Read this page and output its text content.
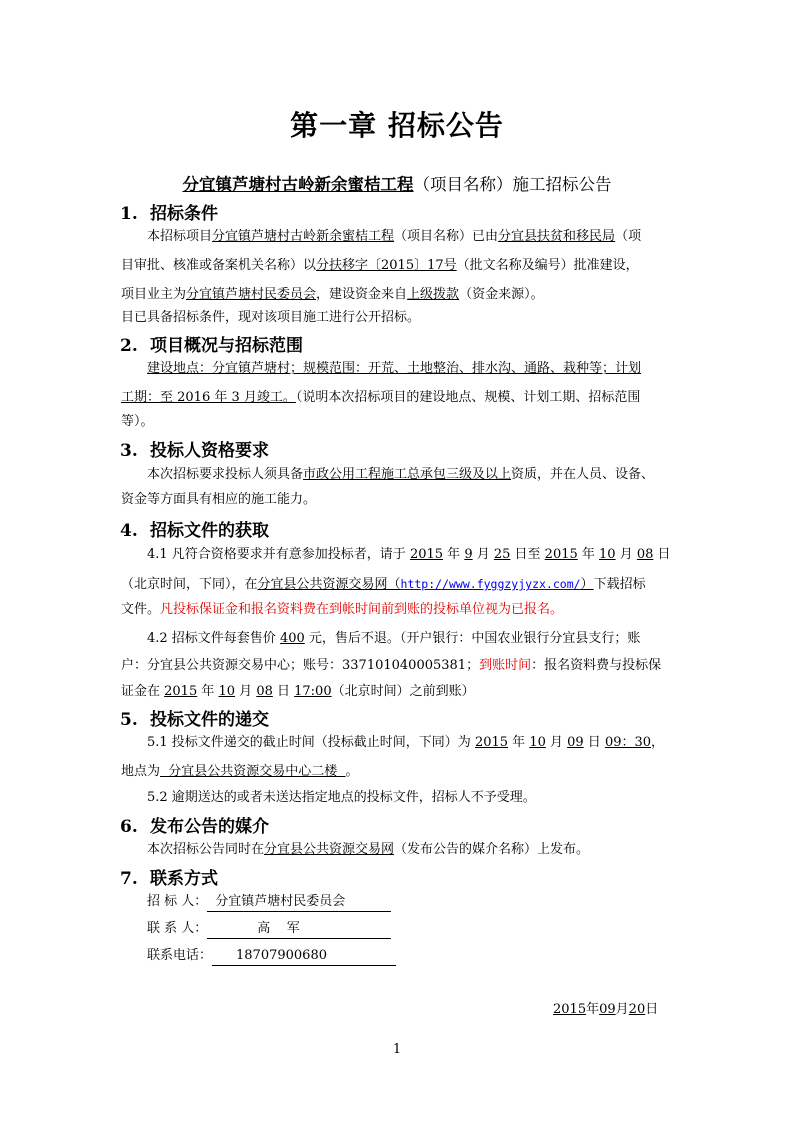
第一章 招标公告
分宜镇芦塘村古岭新余蜜桔工程（项目名称）施工招标公告
1. 招标条件
本招标项目分宜镇芦塘村古岭新余蜜桔工程（项目名称）已由分宜县扶贫和移民局（项
目审批、核准或备案机关名称）以分扶移字〔2015〕17号（批文名称及编号）批准建设，
项目业主为分宜镇芦塘村民委员会，建设资金来自上级拨款（资金来源）。
目已具备招标条件，现对该项目施工进行公开招标。
2. 项目概况与招标范围
建设地点：分宜镇芦塘村；规模范围：开荒、土地整治、排水沟、通路、栽种等；计划
工期：至 2016 年 3 月竣工。（说明本次招标项目的建设地点、规模、计划工期、招标范围
等）。
3. 投标人资格要求
本次招标要求投标人须具备市政公用工程施工总承包三级及以上资质，并在人员、设备、
资金等方面具有相应的施工能力。
4. 招标文件的获取
4.1 凡符合资格要求并有意参加投标者，请于 2015 年 9 月 25 日至 2015 年 10 月 08 日
（北京时间，下同），在分宜县公共资源交易网（http://www.fyggzyjyzx.com/）下载招标
文件。凡投标保证金和报名资料费在到帐时间前到账的投标单位视为已报名。
4.2 招标文件每套售价 400 元，售后不退。（开户银行：中国农业银行分宜县支行；账
户：分宜县公共资源交易中心；账号：337101040005381；到账时间：报名资料费与投标保
证金在 2015 年 10 月 08 日 17:00（北京时间）之前到账）
5. 投标文件的递交
5.1 投标文件递交的截止时间（投标截止时间，下同）为 2015 年 10 月 09 日 09：30，
地点为  分宜县公共资源交易中心二楼  。
5.2 逾期送达的或者未送达指定地点的投标文件，招标人不予受理。
6. 发布公告的媒介
本次招标公告同时在分宜县公共资源交易网（发布公告的媒介名称）上发布。
7. 联系方式
招 标 人： 分宜镇芦塘村民委员会
联 系 人：	高    军
联系电话： 18707900680
2015年09月20日
1
